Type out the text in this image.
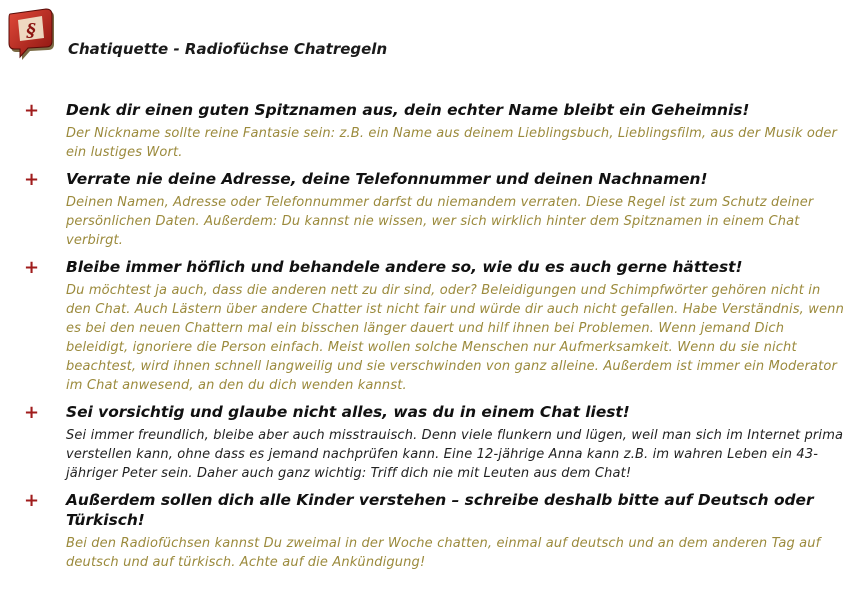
§
Chatiquette - Radiofüchse Chatregeln
+ Denk dir einen guten Spitznamen aus, dein echter Name bleibt ein Geheimnis!
Der Nickname sollte reine Fantasie sein: z.B. ein Name aus deinem Lieblingsbuch, Lieblingsfilm, aus der Musik oder ein lustiges Wort.
+ Verrate nie deine Adresse, deine Telefonnummer und deinen Nachnamen!
Deinen Namen, Adresse oder Telefonnummer darfst du niemandem verraten. Diese Regel ist zum Schutz deiner persönlichen Daten. Außerdem: Du kannst nie wissen, wer sich wirklich hinter dem Spitznamen in einem Chat verbirgt.
+ Bleibe immer höflich und behandele andere so, wie du es auch gerne hättest!
Du möchtest ja auch, dass die anderen nett zu dir sind, oder? Beleidigungen und Schimpfwörter gehören nicht in den Chat. Auch Lästern über andere Chatter ist nicht fair und würde dir auch nicht gefallen. Habe Verständnis, wenn es bei den neuen Chattern mal ein bisschen länger dauert und hilf ihnen bei Problemen. Wenn jemand Dich beleidigt, ignoriere die Person einfach. Meist wollen solche Menschen nur Aufmerksamkeit. Wenn du sie nicht beachtest, wird ihnen schnell langweilig und sie verschwinden von ganz alleine. Außerdem ist immer ein Moderator im Chat anwesend, an den du dich wenden kannst.
+ Sei vorsichtig und glaube nicht alles, was du in einem Chat liest!
Sei immer freundlich, bleibe aber auch misstrauisch. Denn viele flunkern und lügen, weil man sich im Internet prima verstellen kann, ohne dass es jemand nachprüfen kann. Eine 12-jährige Anna kann z.B. im wahren Leben ein 43-jähriger Peter sein. Daher auch ganz wichtig: Triff dich nie mit Leuten aus dem Chat!
+ Außerdem sollen dich alle Kinder verstehen – schreibe deshalb bitte auf Deutsch oder Türkisch!
Bei den Radiofüchsen kannst Du zweimal in der Woche chatten, einmal auf deutsch und an dem anderen Tag auf deutsch und auf türkisch. Achte auf die Ankündigung!
